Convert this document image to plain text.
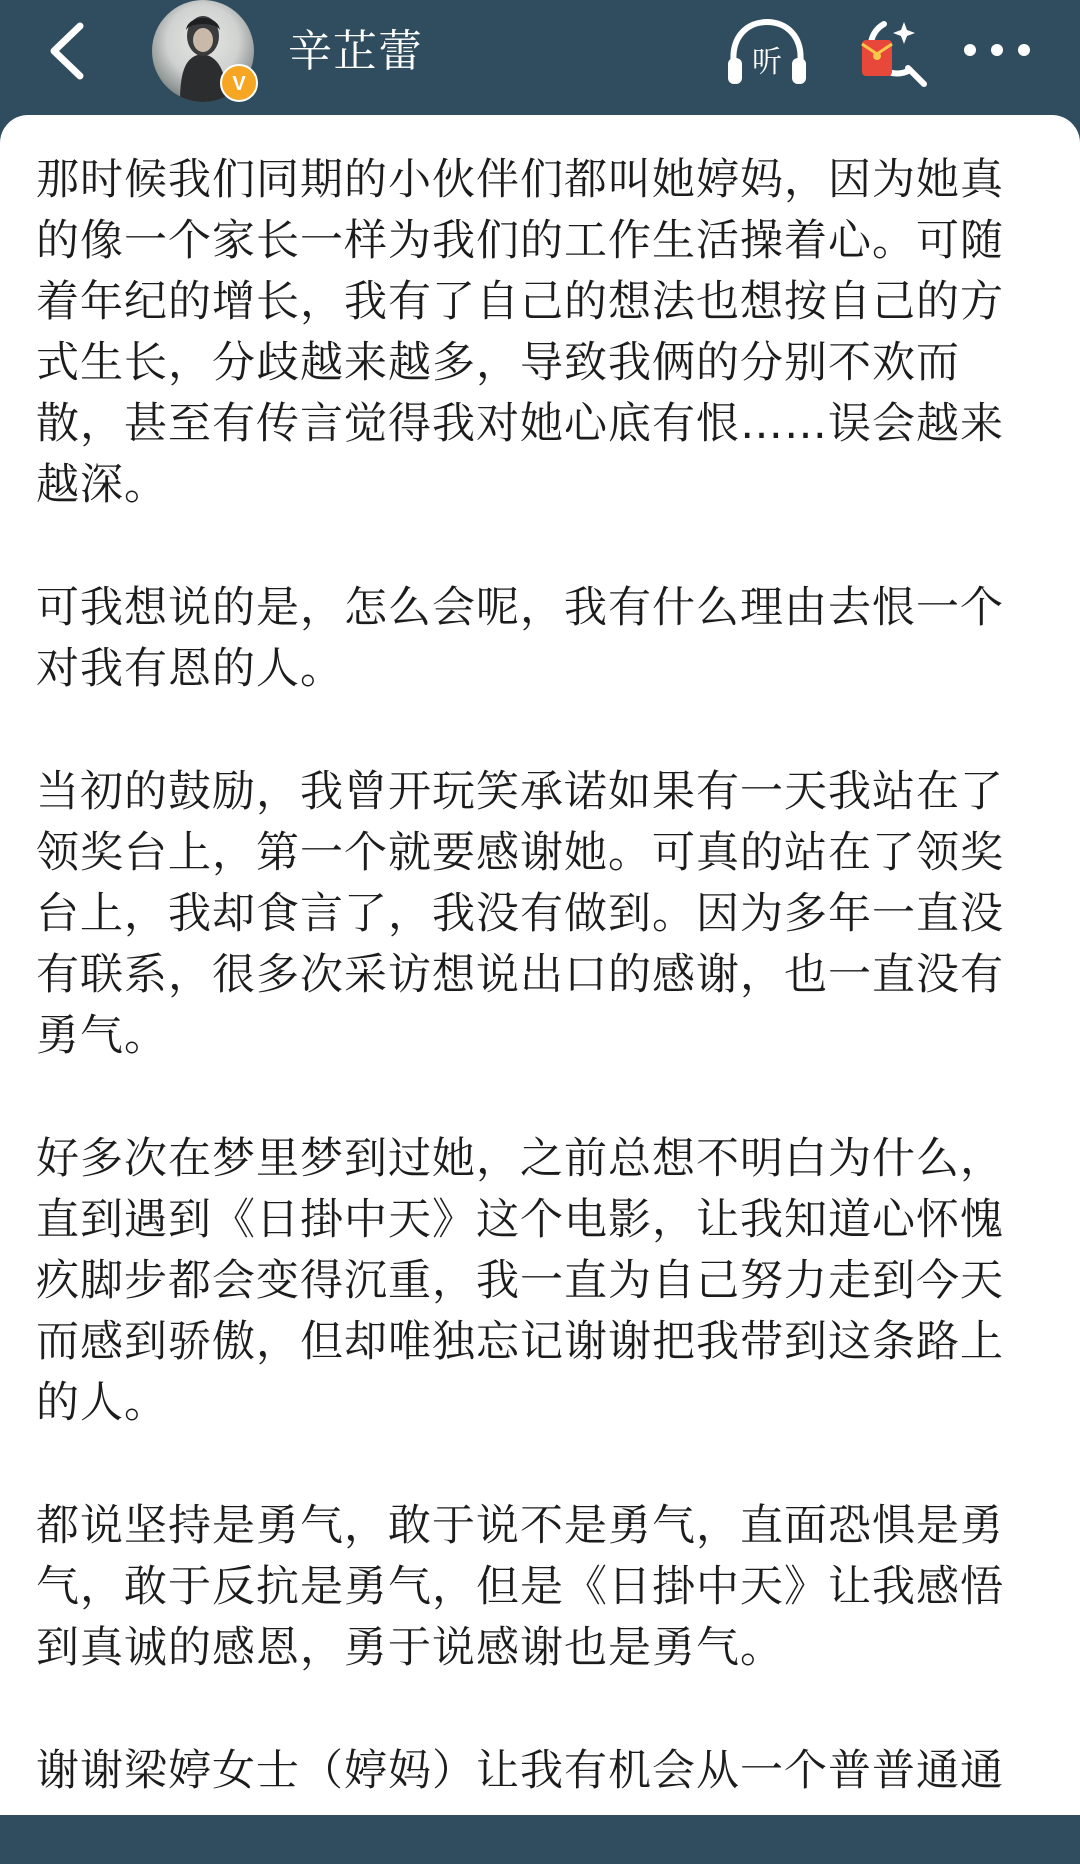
V
辛芷蕾	听

那时候我们同期的小伙伴们都叫她婷妈，因为她真的像一个家长一样为我们的工作生活操着心。可随着年纪的增长，我有了自己的想法也想按自己的方式生长，分歧越来越多，导致我俩的分别不欢而散，甚至有传言觉得我对她心底有恨……误会越来越深。

可我想说的是，怎么会呢，我有什么理由去恨一个对我有恩的人。

当初的鼓励，我曾开玩笑承诺如果有一天我站在了领奖台上，第一个就要感谢她。可真的站在了领奖台上，我却食言了，我没有做到。因为多年一直没有联系，很多次采访想说出口的感谢，也一直没有勇气。

好多次在梦里梦到过她，之前总想不明白为什么，直到遇到《日掛中天》这个电影，让我知道心怀愧疚脚步都会变得沉重，我一直为自己努力走到今天而感到骄傲，但却唯独忘记谢谢把我带到这条路上的人。

都说坚持是勇气，敢于说不是勇气，直面恐惧是勇气，敢于反抗是勇气，但是《日掛中天》让我感悟到真诚的感恩，勇于说感谢也是勇气。

谢谢梁婷女士（婷妈）让我有机会从一个普普通通
